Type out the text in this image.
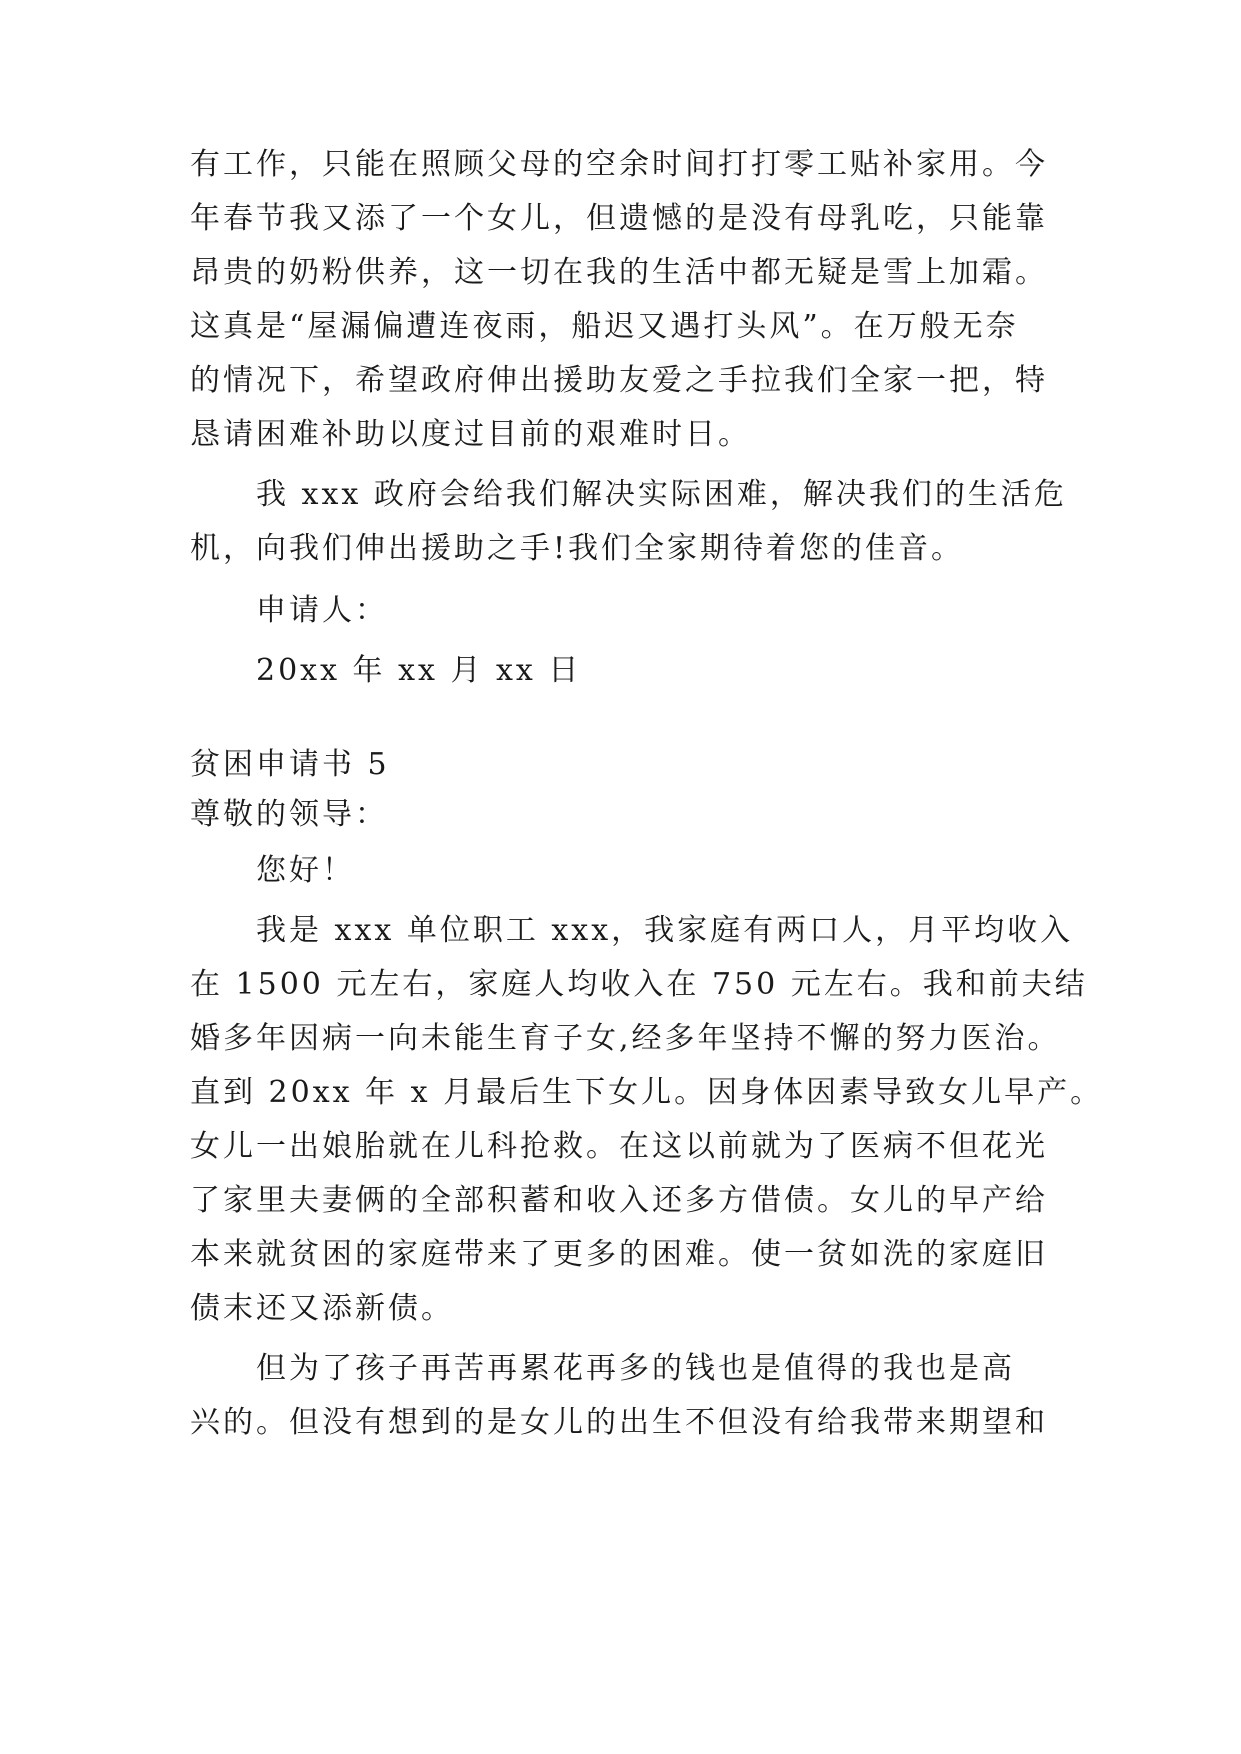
有工作，只能在照顾父母的空余时间打打零工贴补家用。今
年春节我又添了一个女儿，但遗憾的是没有母乳吃，只能靠
昂贵的奶粉供养，这一切在我的生活中都无疑是雪上加霜。
这真是“屋漏偏遭连夜雨，船迟又遇打头风”。在万般无奈
的情况下，希望政府伸出援助友爱之手拉我们全家一把，特
恳请困难补助以度过目前的艰难时日。
我 xxx 政府会给我们解决实际困难，解决我们的生活危
机，向我们伸出援助之手!我们全家期待着您的佳音。
申请人：
20xx 年 xx 月 xx 日
贫困申请书 5
尊敬的领导：
您好！
我是 xxx 单位职工 xxx，我家庭有两口人，月平均收入
在 1500 元左右，家庭人均收入在 750 元左右。我和前夫结
婚多年因病一向未能生育子女,经多年坚持不懈的努力医治。
直到 20xx 年 x 月最后生下女儿。因身体因素导致女儿早产。
女儿一出娘胎就在儿科抢救。在这以前就为了医病不但花光
了家里夫妻俩的全部积蓄和收入还多方借债。女儿的早产给
本来就贫困的家庭带来了更多的困难。使一贫如洗的家庭旧
债末还又添新债。
但为了孩子再苦再累花再多的钱也是值得的我也是高
兴的。但没有想到的是女儿的出生不但没有给我带来期望和
